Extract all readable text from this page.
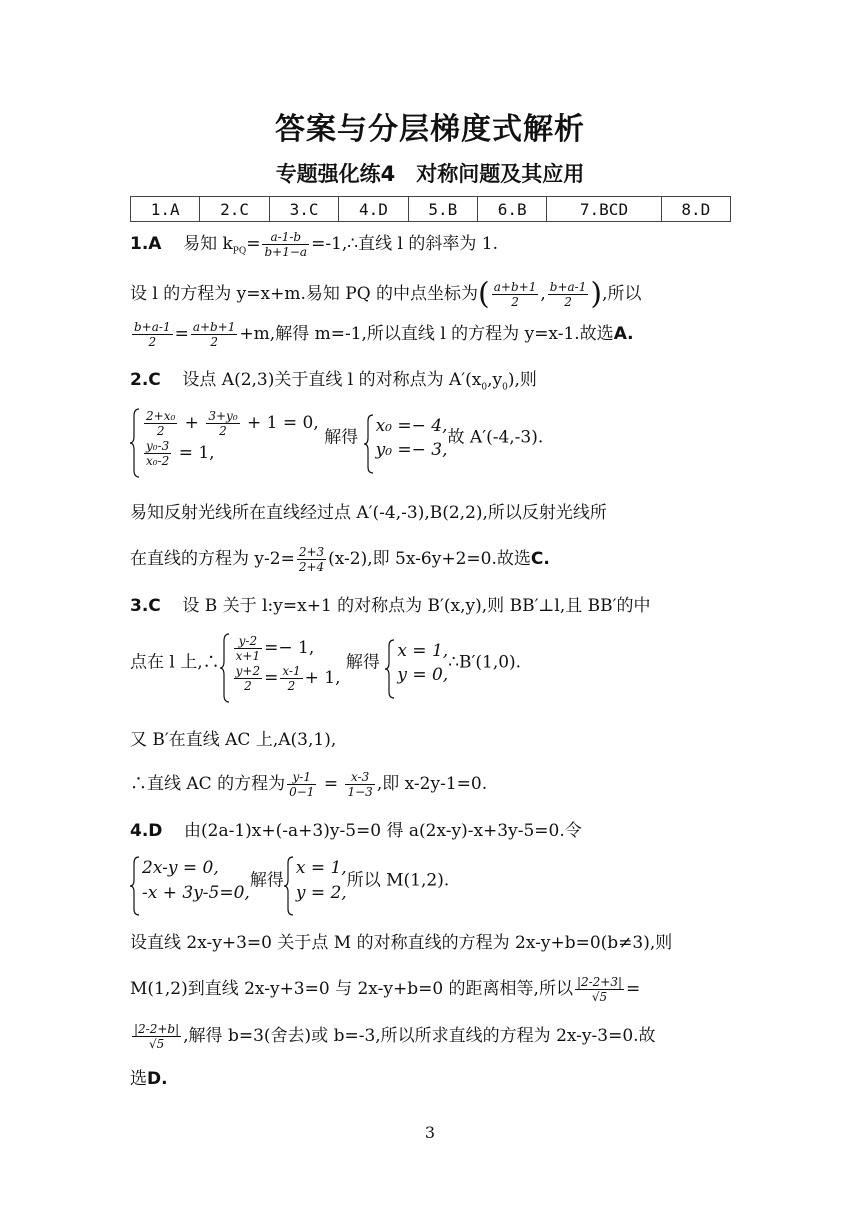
答案与分层梯度式解析
专题强化练4　对称问题及其应用
1.A	2.C	3.C	4.D	5.B	6.B	7.BCD	8.D
1.A 易知 $k_{PQ}= \frac{a-1-b}{b+1-a}$ =-1,∴直线 l 的斜率为 1.
设 l 的方程为 y=x+m.易知 PQ 的中点坐标为( $\frac{a+b+1}{2}$ , $\frac{b+a-1}{2}$ ),所以
$\frac{b+a-1}{2} = \frac{a+b+1}{2} +m$,解得 m=-1,所以直线 l 的方程为 y=x-1.故选A.
2.C 设点 A(2,3)关于直线 l 的对称点为 $A'(x_0,y_0)$,则
$\frac{\text{2+x₀}}{2} + \frac{\text{3+y₀}}{2} + 1 = 0$,
$\frac{\text{y₀-3}}{\text{x₀-2}} = 1$,
解得
x₀ =− 4,
y₀ =− 3,
故 A′(-4,-3).
易知反射光线所在直线经过点 A′(-4,-3),B(2,2),所以反射光线所
在直线的方程为 $y-2= \frac{2+3}{2+4} (x-2)$,即 5x-6y+2=0.故选C.
3.C 设 B 关于 l:y=x+1 的对称点为 B′(x,y),则 BB′⊥l,且 BB′的中
点在 l 上,∴ $\frac{y-2}{x+1} =- 1$,
$\frac{y+2}{2} = \frac{x-1}{2} + 1$,
解得
x = 1,
y = 0,
∴B′(1,0).
又 B′在直线 AC 上,A(3,1),
∴直线 AC 的方程为 $\frac{y-1}{0-1} = \frac{x-3}{1-3}$ ,即 x-2y-1=0.
4.D 由(2a-1)x+(-a+3)y-5=0 得 a(2x-y)-x+3y-5=0.令
2x-y = 0,
-x + 3y-5=0,
解得
x = 1,
y = 2,
所以 M(1,2).
设直线 2x-y+3=0 关于点 M 的对称直线的方程为 2x-y+b=0(b≠3),则
M(1,2)到直线 2x-y+3=0 与 2x-y+b=0 的距离相等,所以 $\frac{|2-2+3|}{√5}$ =
$\frac{|2-2+b|}{√5}$ ,解得 b=3(舍去)或 b=-3,所以所求直线的方程为 2x-y-3=0.故
选D.
3
